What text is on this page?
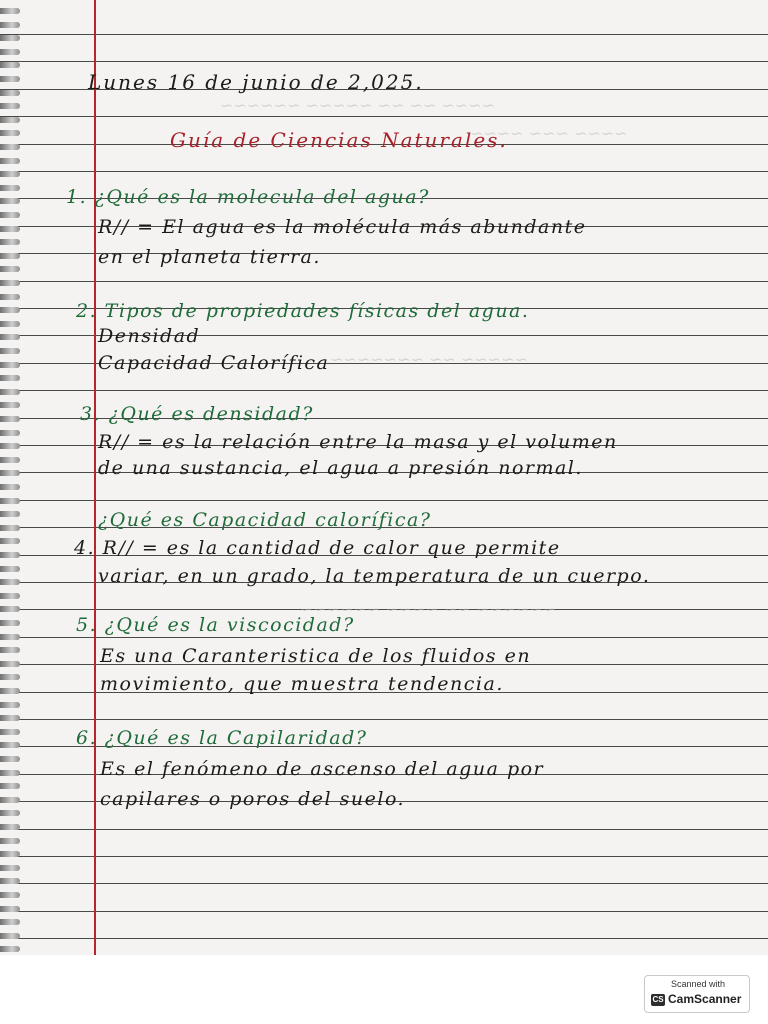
~~~~ ~~ ~~ ~~~~~ ~~~~~~
~~~~ ~~~ ~~~~
~~~~~ ~~ ~~~~~~~
~~~~~~ ~~ ~~~~ ~~~~~~
Lunes 16 de junio de 2,025.
Guía de Ciencias Naturales.
1. ¿Qué es la molecula del agua?
R// = El agua es la molécula más abundante
en el planeta tierra.
2. Tipos de propiedades físicas del agua.
Densidad
Capacidad Calorífica
3. ¿Qué es densidad?
R// = es la relación entre la masa y el volumen
de una sustancia, el agua a presión normal.
¿Qué es Capacidad calorífica?
4. R// = es la cantidad de calor que permite
variar, en un grado, la temperatura de un cuerpo.
5. ¿Qué es la viscocidad?
Es una Caranteristica de los fluidos en
movimiento, que muestra tendencia.
6. ¿Qué es la Capilaridad?
Es el fenómeno de ascenso del agua por
capilares o poros del suelo.
Scanned with
CS CamScanner
